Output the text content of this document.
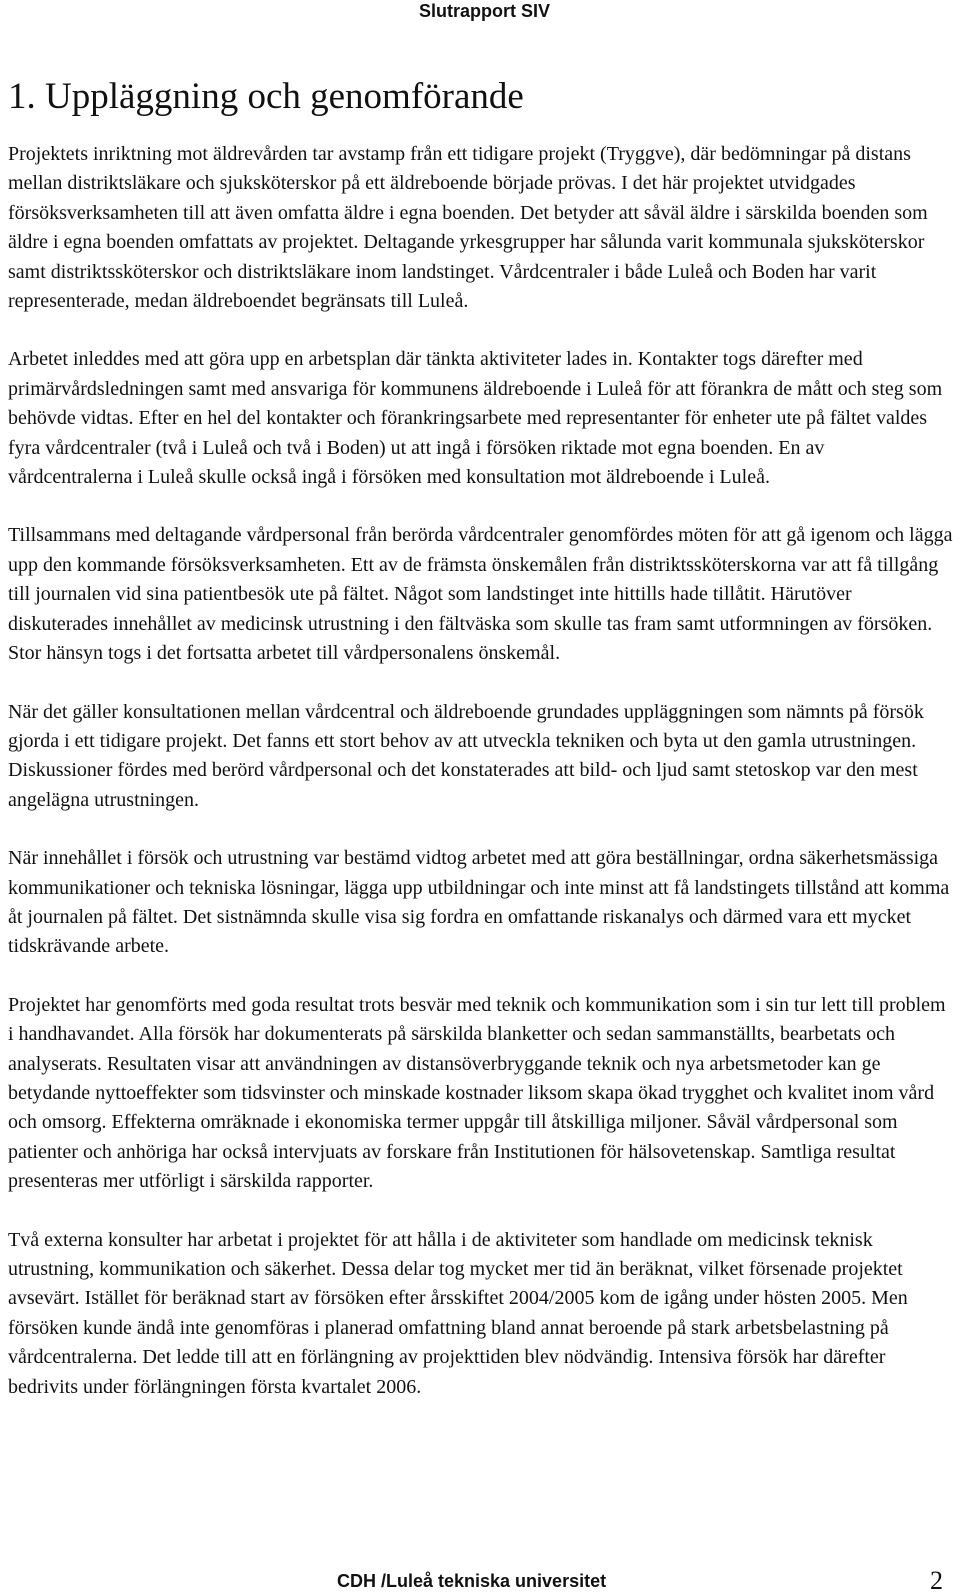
Slutrapport SIV
1. Uppläggning och genomförande

Projektets inriktning mot äldrevården tar avstamp från ett tidigare projekt (Tryggve), där bedömningar på distans mellan distriktsläkare och sjuksköterskor på ett äldreboende började prövas. I det här projektet utvidgades försöksverksamheten till att även omfatta äldre i egna boenden. Det betyder att såväl äldre i särskilda boenden som äldre i egna boenden omfattats av projektet. Deltagande yrkesgrupper har sålunda varit kommunala sjuksköterskor samt distriktssköterskor och distriktsläkare inom landstinget. Vårdcentraler i både Luleå och Boden har varit representerade, medan äldreboendet begränsats till Luleå.

Arbetet inleddes med att göra upp en arbetsplan där tänkta aktiviteter lades in. Kontakter togs därefter med primärvårdsledningen samt med ansvariga för kommunens äldreboende i Luleå för att förankra de mått och steg som behövde vidtas. Efter en hel del kontakter och förankringsarbete med representanter för enheter ute på fältet valdes fyra vårdcentraler (två i Luleå och två i Boden) ut att ingå i försöken riktade mot egna boenden. En av vårdcentralerna i Luleå skulle också ingå i försöken med konsultation mot äldreboende i Luleå.

Tillsammans med deltagande vårdpersonal från berörda vårdcentraler genomfördes möten för att gå igenom och lägga upp den kommande försöksverksamheten. Ett av de främsta önskemålen från distriktssköterskorna var att få tillgång till journalen vid sina patientbesök ute på fältet. Något som landstinget inte hittills hade tillåtit. Härutöver diskuterades innehållet av medicinsk utrustning i den fältväska som skulle tas fram samt utformningen av försöken. Stor hänsyn togs i det fortsatta arbetet till vårdpersonalens önskemål.

När det gäller konsultationen mellan vårdcentral och äldreboende grundades uppläggningen som nämnts på försök gjorda i ett tidigare projekt. Det fanns ett stort behov av att utveckla tekniken och byta ut den gamla utrustningen. Diskussioner fördes med berörd vårdpersonal och det konstaterades att bild- och ljud samt stetoskop var den mest angelägna utrustningen.

När innehållet i försök och utrustning var bestämd vidtog arbetet med att göra beställningar, ordna säkerhetsmässiga kommunikationer och tekniska lösningar, lägga upp utbildningar och inte minst att få landstingets tillstånd att komma åt journalen på fältet. Det sistnämnda skulle visa sig fordra en omfattande riskanalys och därmed vara ett mycket tidskrävande arbete.

Projektet har genomförts med goda resultat trots besvär med teknik och kommunikation som i sin tur lett till problem i handhavandet. Alla försök har dokumenterats på särskilda blanketter och sedan sammanställts, bearbetats och analyserats. Resultaten visar att användningen av distansöverbryggande teknik och nya arbetsmetoder kan ge betydande nyttoeffekter som tidsvinster och minskade kostnader liksom skapa ökad trygghet och kvalitet inom vård och omsorg. Effekterna omräknade i ekonomiska termer uppgår till åtskilliga miljoner. Såväl vårdpersonal som patienter och anhöriga har också intervjuats av forskare från Institutionen för hälsovetenskap. Samtliga resultat presenteras mer utförligt i särskilda rapporter.

Två externa konsulter har arbetat i projektet för att hålla i de aktiviteter som handlade om medicinsk teknisk utrustning, kommunikation och säkerhet. Dessa delar tog mycket mer tid än beräknat, vilket försenade projektet avsevärt. Istället för beräknad start av försöken efter årsskiftet 2004/2005 kom de igång under hösten 2005. Men försöken kunde ändå inte genomföras i planerad omfattning bland annat beroende på stark arbetsbelastning på vårdcentralerna. Det ledde till att en förlängning av projekttiden blev nödvändig. Intensiva försök har därefter bedrivits under förlängningen första kvartalet 2006.

CDH /Luleå tekniska universitet	2
